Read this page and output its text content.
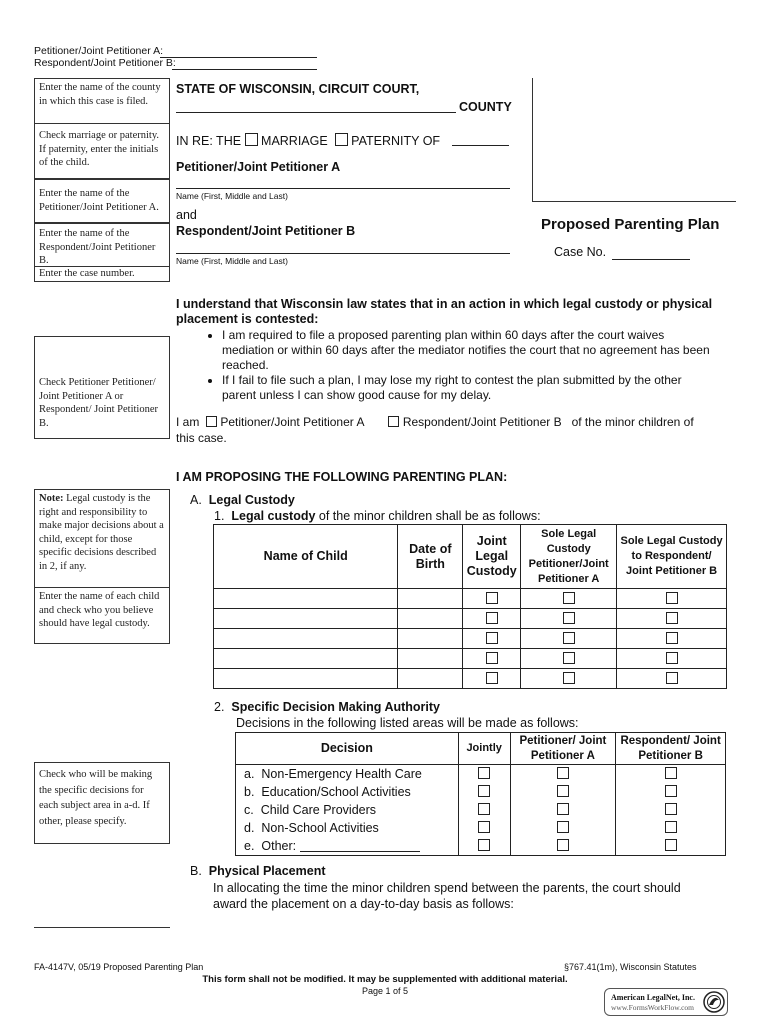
Petitioner/Joint Petitioner A:
Respondent/Joint Petitioner B:
Enter the name of the county in which this case is filed.
Check marriage or paternity. If paternity, enter the initials of the child.
Enter the name of the Petitioner/Joint Petitioner A.
Enter the name of the Respondent/Joint Petitioner B.
Enter the case number.
STATE OF WISCONSIN, CIRCUIT COURT,
COUNTY
IN RE: THE MARRIAGE PATERNITY OF
Petitioner/Joint Petitioner A
Name (First, Middle and Last)
and
Respondent/Joint Petitioner B
Name (First, Middle and Last)
Proposed Parenting Plan
Case No.
I understand that Wisconsin law states that in an action in which legal custody or physical placement is contested:
• I am required to file a proposed parenting plan within 60 days after the court waives mediation or within 60 days after the mediator notifies the court that no agreement has been reached.
• If I fail to file such a plan, I may lose my right to contest the plan submitted by the other parent unless I can show good cause for my delay.
Check Petitioner Petitioner/ Joint Petitioner A or Respondent/ Joint Petitioner B.	I am Petitioner/Joint Petitioner A	Respondent/Joint Petitioner B of the minor children of
this case.
I AM PROPOSING THE FOLLOWING PARENTING PLAN:
Note: Legal custody is the right and responsibility to make major decisions about a child, except for those specific decisions described in 2, if any.
Enter the name of each child and check who you believe should have legal custody.
A. Legal Custody
1. Legal custody of the minor children shall be as follows:
Name of Child	Date of Birth	Joint Legal Custody	Sole Legal Custody Petitioner/Joint Petitioner A	Sole Legal Custody to Respondent/ Joint Petitioner B

2. Specific Decision Making Authority
Decisions in the following listed areas will be made as follows:
Check who will be making the specific decisions for each subject area in a-d. If other, please specify.
Decision	Jointly	Petitioner/ Joint Petitioner A	Respondent/ Joint Petitioner B
a. Non-Emergency Health Care			
b. Education/School Activities			
c. Child Care Providers			
d. Non-School Activities			
e. Other:			
B. Physical Placement
In allocating the time the minor children spend between the parents, the court should award the placement on a day-to-day basis as follows:
FA-4147V, 05/19 Proposed Parenting Plan	§767.41(1m), Wisconsin Statutes
This form shall not be modified. It may be supplemented with additional material.
Page 1 of 5
American LegalNet, Inc.
www.FormsWorkFlow.com
